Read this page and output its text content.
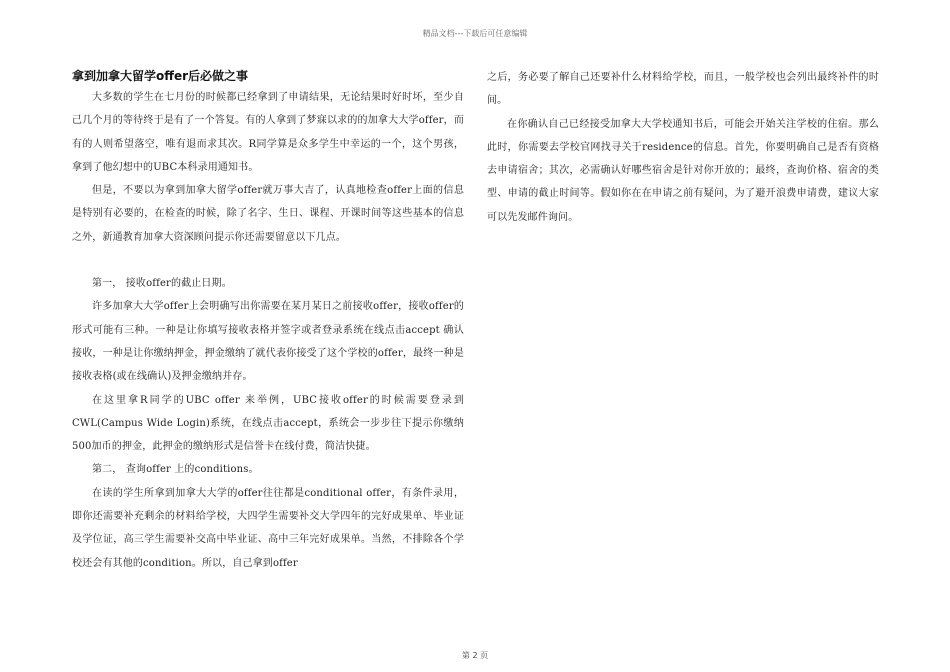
精品文档---下载后可任意编辑
拿到加拿大留学offer后必做之事

大多数的学生在七月份的时候都已经拿到了申请结果，无论结果时好时坏，至少自己几个月的等待终于是有了一个答复。有的人拿到了梦寐以求的的加拿大大学offer，而有的人则希望落空，唯有退而求其次。R同学算是众多学生中幸运的一个，这个男孩，拿到了他幻想中的UBC本科录用通知书。

但是，不要以为拿到加拿大留学offer就万事大吉了，认真地检查offer上面的信息是特别有必要的，在检查的时候，除了名字、生日、课程、开课时间等这些基本的信息之外，新通教育加拿大资深顾问提示你还需要留意以下几点。

第一， 接收offer的截止日期。

许多加拿大大学offer上会明确写出你需要在某月某日之前接收offer，接收offer的形式可能有三种。一种是让你填写接收表格并签字或者登录系统在线点击accept 确认接收，一种是让你缴纳押金，押金缴纳了就代表你接受了这个学校的offer，最终一种是接收表格(或在线确认)及押金缴纳并存。

在这里拿R同学的UBC offer 来举例，UBC接收offer的时候需要登录到CWL(Campus Wide Login)系统，在线点击accept，系统会一步步往下提示你缴纳500加币的押金，此押金的缴纳形式是信誉卡在线付费，简洁快捷。

第二， 查询offer 上的conditions。

在读的学生所拿到加拿大大学的offer往往都是conditional offer，有条件录用，即你还需要补充剩余的材料给学校，大四学生需要补交大学四年的完好成果单、毕业证及学位证，高三学生需要补交高中毕业证、高中三年完好成果单。当然，不排除各个学校还会有其他的condition。所以，自己拿到offer

之后，务必要了解自己还要补什么材料给学校，而且，一般学校也会列出最终补件的时间。

在你确认自己已经接受加拿大大学校通知书后，可能会开始关注学校的住宿。那么此时，你需要去学校官网找寻关于residence的信息。首先，你要明确自己是否有资格去申请宿舍；其次，必需确认好哪些宿舍是针对你开放的；最终，查询价格、宿舍的类型、申请的截止时间等。假如你在在申请之前有疑问，为了避开浪费申请费，建议大家可以先发邮件询问。

第 2 页
